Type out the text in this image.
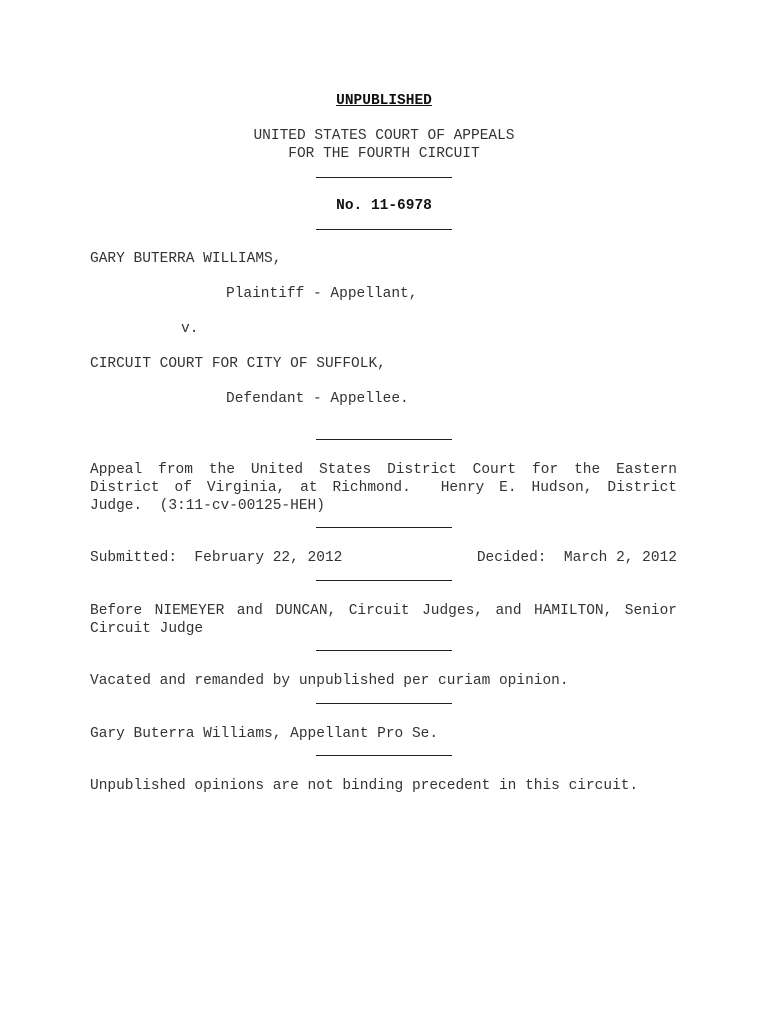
UNPUBLISHED
UNITED STATES COURT OF APPEALS
FOR THE FOURTH CIRCUIT
No. 11-6978
GARY BUTERRA WILLIAMS,
Plaintiff - Appellant,
v.
CIRCUIT COURT FOR CITY OF SUFFOLK,
Defendant - Appellee.
Appeal from the United States District Court for the Eastern
District of Virginia, at Richmond.  Henry E. Hudson, District
Judge.  (3:11-cv-00125-HEH)
Submitted:  February 22, 2012	Decided:  March 2, 2012
Before NIEMEYER and DUNCAN, Circuit Judges, and HAMILTON, Senior
Circuit Judge
Vacated and remanded by unpublished per curiam opinion.
Gary Buterra Williams, Appellant Pro Se.
Unpublished opinions are not binding precedent in this circuit.
